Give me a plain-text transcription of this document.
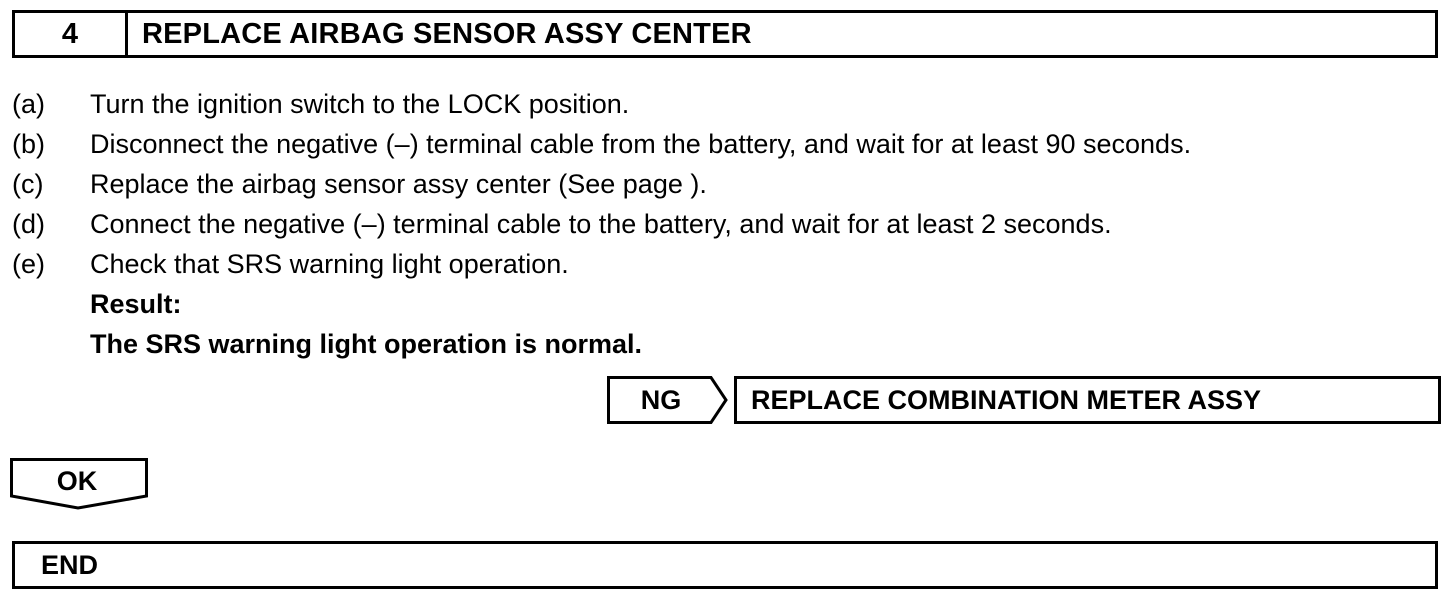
4	REPLACE AIRBAG SENSOR ASSY CENTER
(a)	Turn the ignition switch to the LOCK position.
(b)	Disconnect the negative (–) terminal cable from the battery, and wait for at least 90 seconds.
(c)	Replace the airbag sensor assy center (See page ).
(d)	Connect the negative (–) terminal cable to the battery, and wait for at least 2 seconds.
(e)	Check that SRS warning light operation.
Result:
The SRS warning light operation is normal.
NG	REPLACE COMBINATION METER ASSY
OK
END
